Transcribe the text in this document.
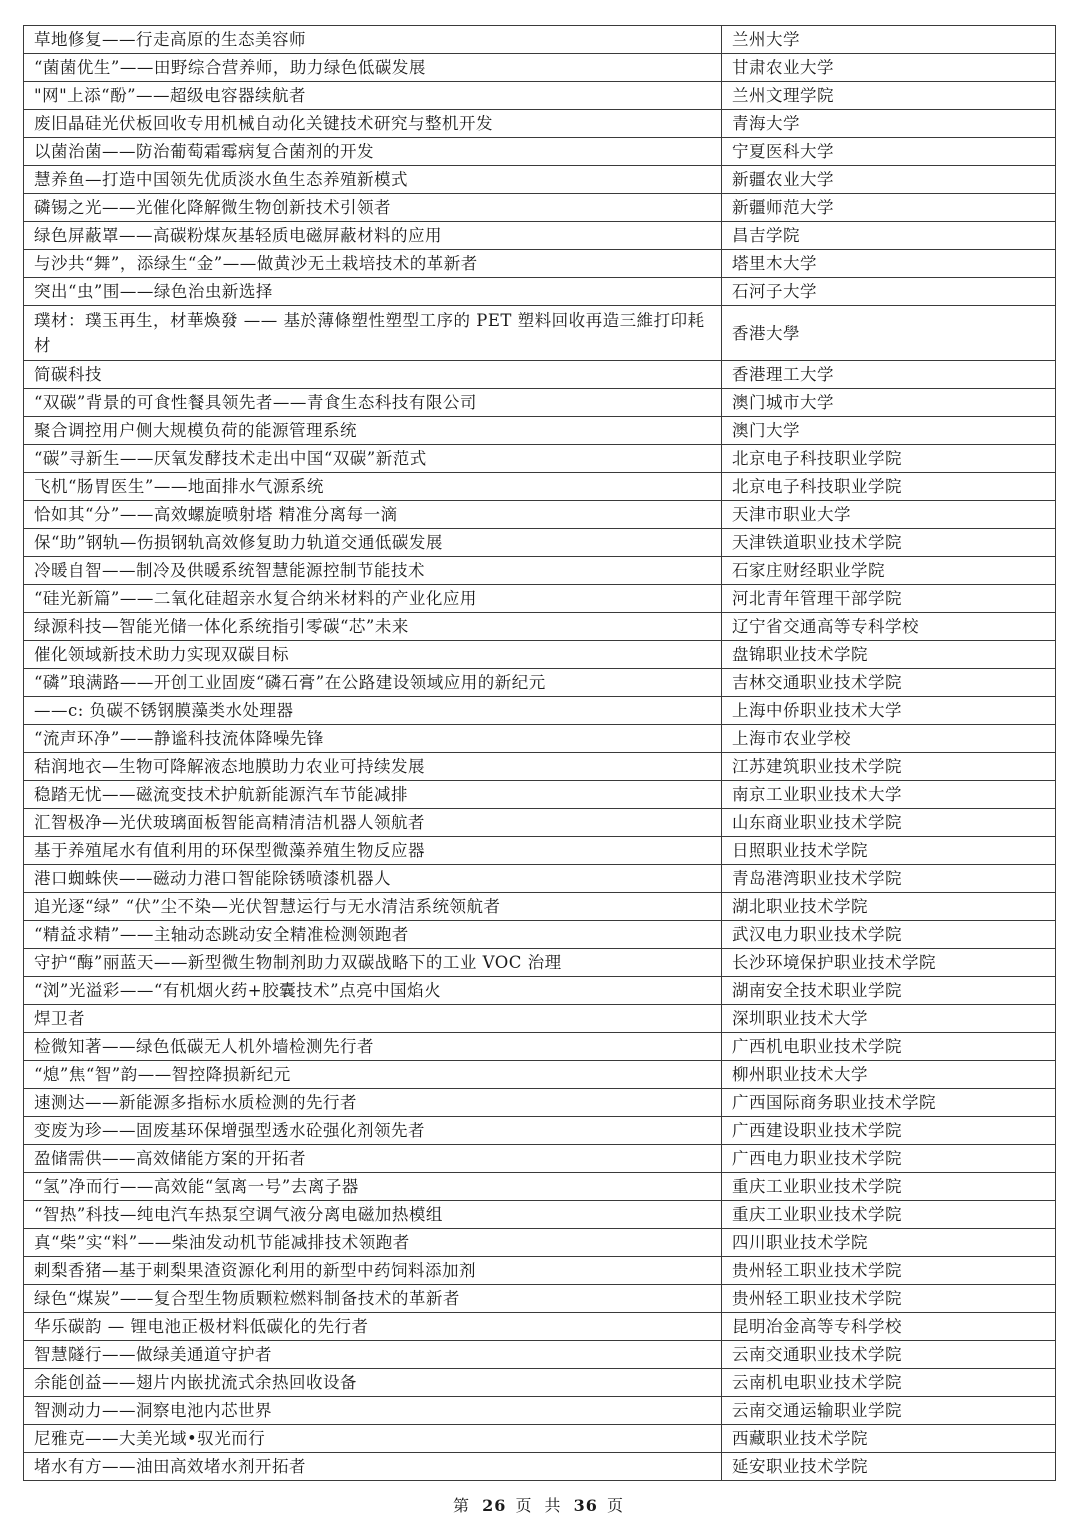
草地修复——行走高原的生态美容师	兰州大学
“菌菌优生”——田野综合营养师，助力绿色低碳发展	甘肃农业大学
"网"上添“酚”——超级电容器续航者	兰州文理学院
废旧晶硅光伏板回收专用机械自动化关键技术研究与整机开发	青海大学
以菌治菌——防治葡萄霜霉病复合菌剂的开发	宁夏医科大学
慧养鱼—打造中国领先优质淡水鱼生态养殖新模式	新疆农业大学
磷锡之光——光催化降解微生物创新技术引领者	新疆师范大学
绿色屏蔽罩——高碳粉煤灰基轻质电磁屏蔽材料的应用	昌吉学院
与沙共“舞”，添绿生“金”——做黄沙无土栽培技术的革新者	塔里木大学
突出“虫”围——绿色治虫新选择	石河子大学
璞材：璞玉再生，材華煥發 —— 基於薄條塑性塑型工序的 PET 塑料回收再造三維打印耗材	香港大學
简碳科技	香港理工大学
“双碳”背景的可食性餐具领先者——青食生态科技有限公司	澳门城市大学
聚合调控用户侧大规模负荷的能源管理系统	澳门大学
“碳”寻新生——厌氧发酵技术走出中国“双碳”新范式	北京电子科技职业学院
飞机“肠胃医生”——地面排水气源系统	北京电子科技职业学院
恰如其“分”——高效螺旋喷射塔 精准分离每一滴	天津市职业大学
保“助”钢轨—伤损钢轨高效修复助力轨道交通低碳发展	天津铁道职业技术学院
冷暖自智——制冷及供暖系统智慧能源控制节能技术	石家庄财经职业学院
“硅光新篇”——二氧化硅超亲水复合纳米材料的产业化应用	河北青年管理干部学院
绿源科技—智能光储一体化系统指引零碳“芯”未来	辽宁省交通高等专科学校
催化领域新技术助力实现双碳目标	盘锦职业技术学院
“磷”琅满路——开创工业固废“磷石膏”在公路建设领域应用的新纪元	吉林交通职业技术学院
——c: 负碳不锈钢膜藻类水处理器	上海中侨职业技术大学
“流声环净”——静谧科技流体降噪先锋	上海市农业学校
秸润地衣—生物可降解液态地膜助力农业可持续发展	江苏建筑职业技术学院
稳踏无忧——磁流变技术护航新能源汽车节能减排	南京工业职业技术大学
汇智极净—光伏玻璃面板智能高精清洁机器人领航者	山东商业职业技术学院
基于养殖尾水有值利用的环保型微藻养殖生物反应器	日照职业技术学院
港口蜘蛛侠——磁动力港口智能除锈喷漆机器人	青岛港湾职业技术学院
追光逐“绿” “伏”尘不染—光伏智慧运行与无水清洁系统领航者	湖北职业技术学院
“精益求精”——主轴动态跳动安全精准检测领跑者	武汉电力职业技术学院
守护“酶”丽蓝天——新型微生物制剂助力双碳战略下的工业 VOC 治理	长沙环境保护职业技术学院
“浏”光溢彩——“有机烟火药+胶囊技术”点亮中国焰火	湖南安全技术职业学院
焊卫者	深圳职业技术大学
检微知著——绿色低碳无人机外墙检测先行者	广西机电职业技术学院
“熄”焦“智”韵——智控降损新纪元	柳州职业技术大学
速测达——新能源多指标水质检测的先行者	广西国际商务职业技术学院
变废为珍——固废基环保增强型透水砼强化剂领先者	广西建设职业技术学院
盈储需供——高效储能方案的开拓者	广西电力职业技术学院
“氢”净而行——高效能“氢离一号”去离子器	重庆工业职业技术学院
“智热”科技—纯电汽车热泵空调气液分离电磁加热模组	重庆工业职业技术学院
真“柴”实“料”——柴油发动机节能减排技术领跑者	四川职业技术学院
刺梨香猪—基于刺梨果渣资源化利用的新型中药饲料添加剂	贵州轻工职业技术学院
绿色“煤炭”——复合型生物质颗粒燃料制备技术的革新者	贵州轻工职业技术学院
华乐碳韵 — 锂电池正极材料低碳化的先行者	昆明冶金高等专科学校
智慧隧行——做绿美通道守护者	云南交通职业技术学院
余能创益——翅片内嵌扰流式余热回收设备	云南机电职业技术学院
智测动力——洞察电池内芯世界	云南交通运输职业学院
尼雅克——大美光域•驭光而行	西藏职业技术学院
堵水有方——油田高效堵水剂开拓者	延安职业技术学院
第 26 页 共 36 页
